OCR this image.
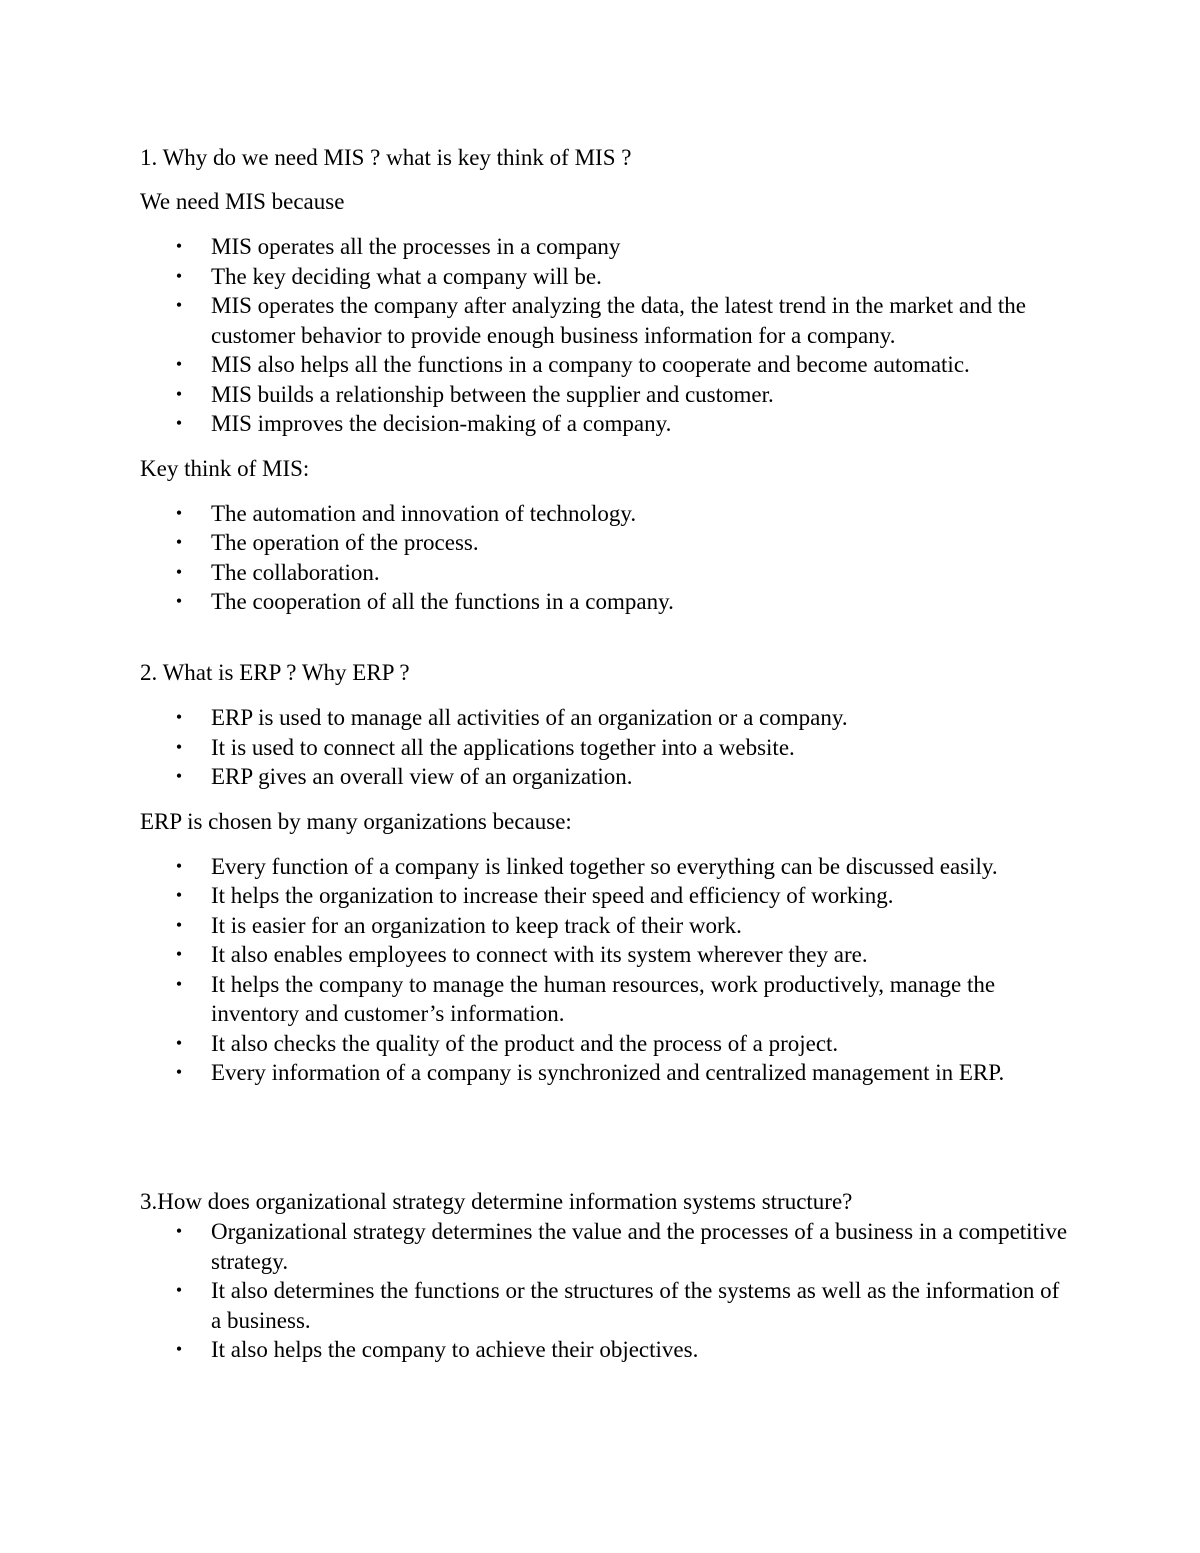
1. Why do we need MIS ? what is key think of MIS ?

We need MIS because

• MIS operates all the processes in a company
• The key deciding what a company will be.
• MIS operates the company after analyzing the data, the latest trend in the market and the customer behavior to provide enough business information for a company.
• MIS also helps all the functions in a company to cooperate and become automatic.
• MIS builds a relationship between the supplier and customer.
• MIS improves the decision-making of a company.

Key think of MIS:

• The automation and innovation of technology.
• The operation of the process.
• The collaboration.
• The cooperation of all the functions in a company.

2. What is ERP ? Why ERP ?

• ERP is used to manage all activities of an organization or a company.
• It is used to connect all the applications together into a website.
• ERP gives an overall view of an organization.

ERP is chosen by many organizations because:

• Every function of a company is linked together so everything can be discussed easily.
• It helps the organization to increase their speed and efficiency of working.
• It is easier for an organization to keep track of their work.
• It also enables employees to connect with its system wherever they are.
• It helps the company to manage the human resources, work productively, manage the inventory and customer’s information.
• It also checks the quality of the product and the process of a project.
• Every information of a company is synchronized and centralized management in ERP.

3.How does organizational strategy determine information systems structure?

• Organizational strategy determines the value and the processes of a business in a competitive strategy.
• It also determines the functions or the structures of the systems as well as the information of a business.
• It also helps the company to achieve their objectives.
